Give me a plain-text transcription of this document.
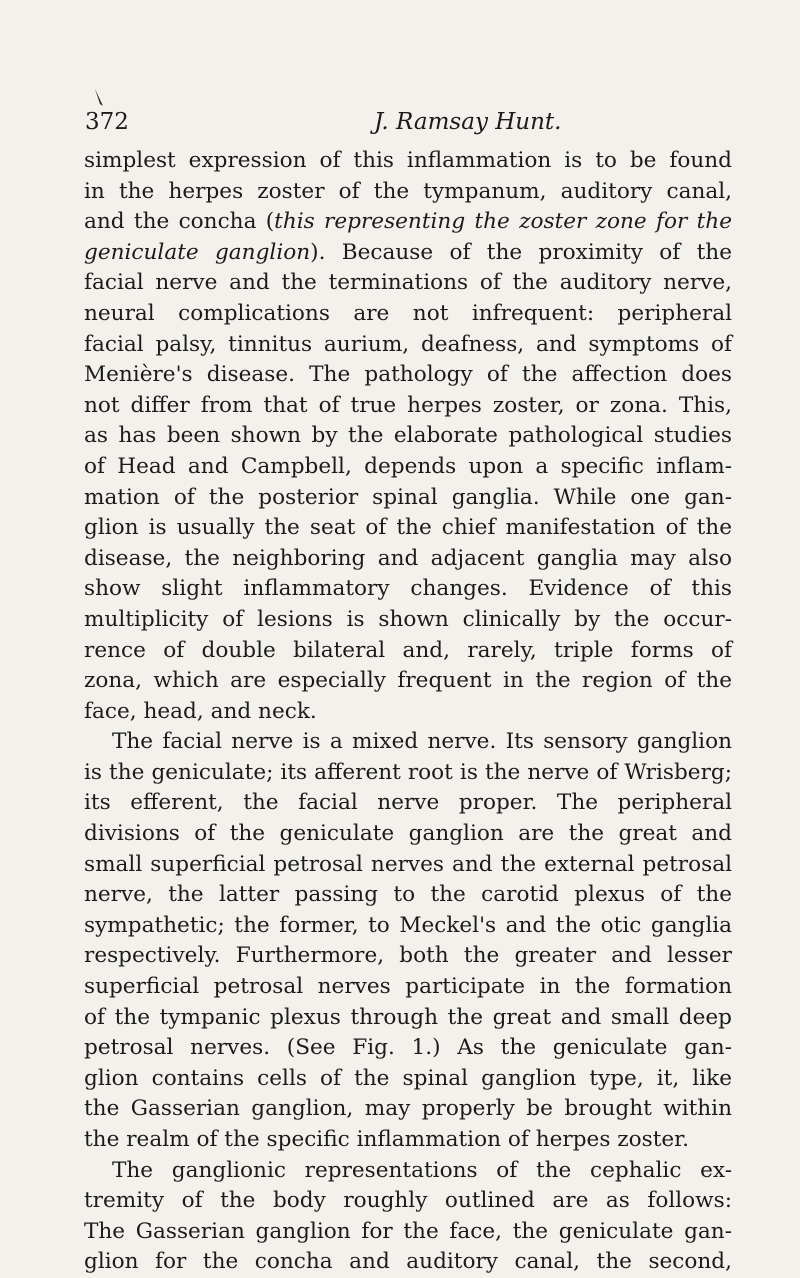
372	J. Ramsay Hunt.
simplest expression of this inflammation is to be found
in the herpes zoster of the tympanum, auditory canal,
and the concha (this representing the zoster zone for the
geniculate ganglion). Because of the proximity of the
facial nerve and the terminations of the auditory nerve,
neural complications are not infrequent: peripheral
facial palsy, tinnitus aurium, deafness, and symptoms of
Menière's disease. The pathology of the affection does
not differ from that of true herpes zoster, or zona. This,
as has been shown by the elaborate pathological studies
of Head and Campbell, depends upon a specific inflam-
mation of the posterior spinal ganglia. While one gan-
glion is usually the seat of the chief manifestation of the
disease, the neighboring and adjacent ganglia may also
show slight inflammatory changes. Evidence of this
multiplicity of lesions is shown clinically by the occur-
rence of double bilateral and, rarely, triple forms of
zona, which are especially frequent in the region of the
face, head, and neck.
The facial nerve is a mixed nerve. Its sensory ganglion
is the geniculate; its afferent root is the nerve of Wrisberg;
its efferent, the facial nerve proper. The peripheral
divisions of the geniculate ganglion are the great and
small superficial petrosal nerves and the external petrosal
nerve, the latter passing to the carotid plexus of the
sympathetic; the former, to Meckel's and the otic ganglia
respectively. Furthermore, both the greater and lesser
superficial petrosal nerves participate in the formation
of the tympanic plexus through the great and small deep
petrosal nerves. (See Fig. 1.) As the geniculate gan-
glion contains cells of the spinal ganglion type, it, like
the Gasserian ganglion, may properly be brought within
the realm of the specific inflammation of herpes zoster.
The ganglionic representations of the cephalic ex-
tremity of the body roughly outlined are as follows:
The Gasserian ganglion for the face, the geniculate gan-
glion for the concha and auditory canal, the second,
